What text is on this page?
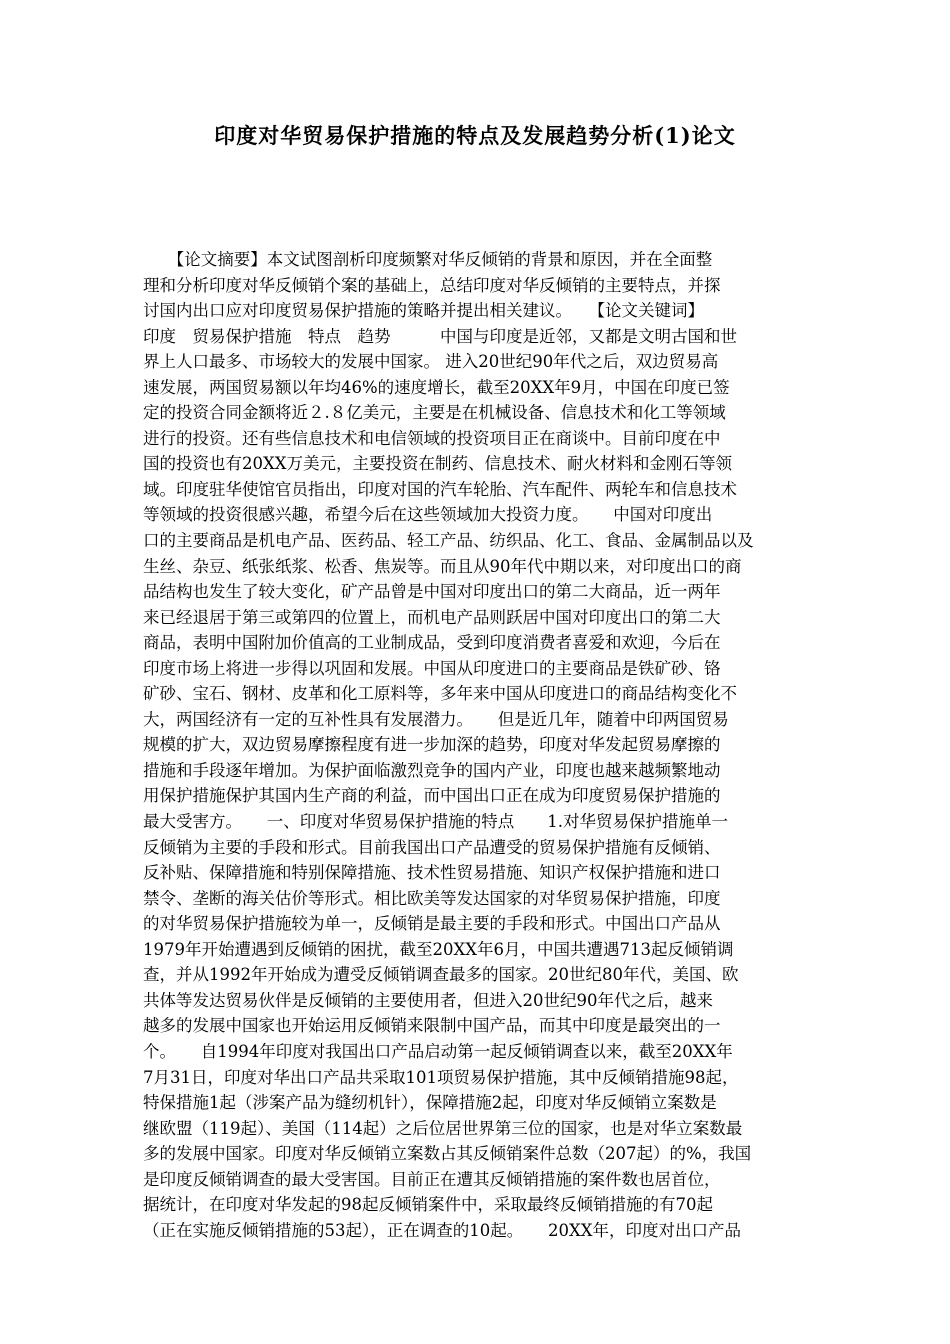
印度对华贸易保护措施的特点及发展趋势分析(1)论文
　　【论文摘要】本文试图剖析印度频繁对华反倾销的背景和原因，并在全面整
理和分析印度对华反倾销个案的基础上，总结印度对华反倾销的主要特点，并探
讨国内出口应对印度贸易保护措施的策略并提出相关建议。　　【论文关键词】
印度　贸易保护措施　特点　趋势　　　中国与印度是近邻，又都是文明古国和世
界上人口最多、市场较大的发展中国家。 进入20世纪90年代之后，双边贸易高
速发展，两国贸易额以年均46%的速度增长，截至20XX年9月，中国在印度已签
定的投资合同金额将近２.８亿美元，主要是在机械设备、信息技术和化工等领域
进行的投资。还有些信息技术和电信领域的投资项目正在商谈中。目前印度在中
国的投资也有20XX万美元，主要投资在制药、信息技术、耐火材料和金刚石等领
域。印度驻华使馆官员指出，印度对国的汽车轮胎、汽车配件、两轮车和信息技术
等领域的投资很感兴趣，希望今后在这些领域加大投资力度。　　中国对印度出
口的主要商品是机电产品、医药品、轻工产品、纺织品、化工、食品、金属制品以及
生丝、杂豆、纸张纸浆、松香、焦炭等。而且从90年代中期以来，对印度出口的商
品结构也发生了较大变化，矿产品曾是中国对印度出口的第二大商品，近一两年
来已经退居于第三或第四的位置上，而机电产品则跃居中国对印度出口的第二大
商品，表明中国附加价值高的工业制成品，受到印度消费者喜爱和欢迎，今后在
印度市场上将进一步得以巩固和发展。中国从印度进口的主要商品是铁矿砂、铬
矿砂、宝石、钢材、皮革和化工原料等，多年来中国从印度进口的商品结构变化不
大，两国经济有一定的互补性具有发展潜力。　　但是近几年，随着中印两国贸易
规模的扩大，双边贸易摩擦程度有进一步加深的趋势，印度对华发起贸易摩擦的
措施和手段逐年增加。为保护面临激烈竞争的国内产业，印度也越来越频繁地动
用保护措施保护其国内生产商的利益，而中国出口正在成为印度贸易保护措施的
最大受害方。　　一、印度对华贸易保护措施的特点　　1.对华贸易保护措施单一
反倾销为主要的手段和形式。目前我国出口产品遭受的贸易保护措施有反倾销、
反补贴、保障措施和特别保障措施、技术性贸易措施、知识产权保护措施和进口
禁令、垄断的海关估价等形式。相比欧美等发达国家的对华贸易保护措施，印度
的对华贸易保护措施较为单一，反倾销是最主要的手段和形式。中国出口产品从
1979年开始遭遇到反倾销的困扰，截至20XX年6月，中国共遭遇713起反倾销调
查，并从1992年开始成为遭受反倾销调查最多的国家。20世纪80年代，美国、欧
共体等发达贸易伙伴是反倾销的主要使用者，但进入20世纪90年代之后，越来
越多的发展中国家也开始运用反倾销来限制中国产品，而其中印度是最突出的一
个。　　自1994年印度对我国出口产品启动第一起反倾销调查以来，截至20XX年
7月31日，印度对华出口产品共采取101项贸易保护措施，其中反倾销措施98起，
特保措施1起（涉案产品为缝纫机针），保障措施2起，印度对华反倾销立案数是
继欧盟（119起）、美国（114起）之后位居世界第三位的国家，也是对华立案数最
多的发展中国家。印度对华反倾销立案数占其反倾销案件总数（207起）的%，我国
是印度反倾销调查的最大受害国。目前正在遭其反倾销措施的案件数也居首位，
据统计，在印度对华发起的98起反倾销案件中，采取最终反倾销措施的有70起
（正在实施反倾销措施的53起），正在调查的10起。　　20XX年，印度对出口产品
